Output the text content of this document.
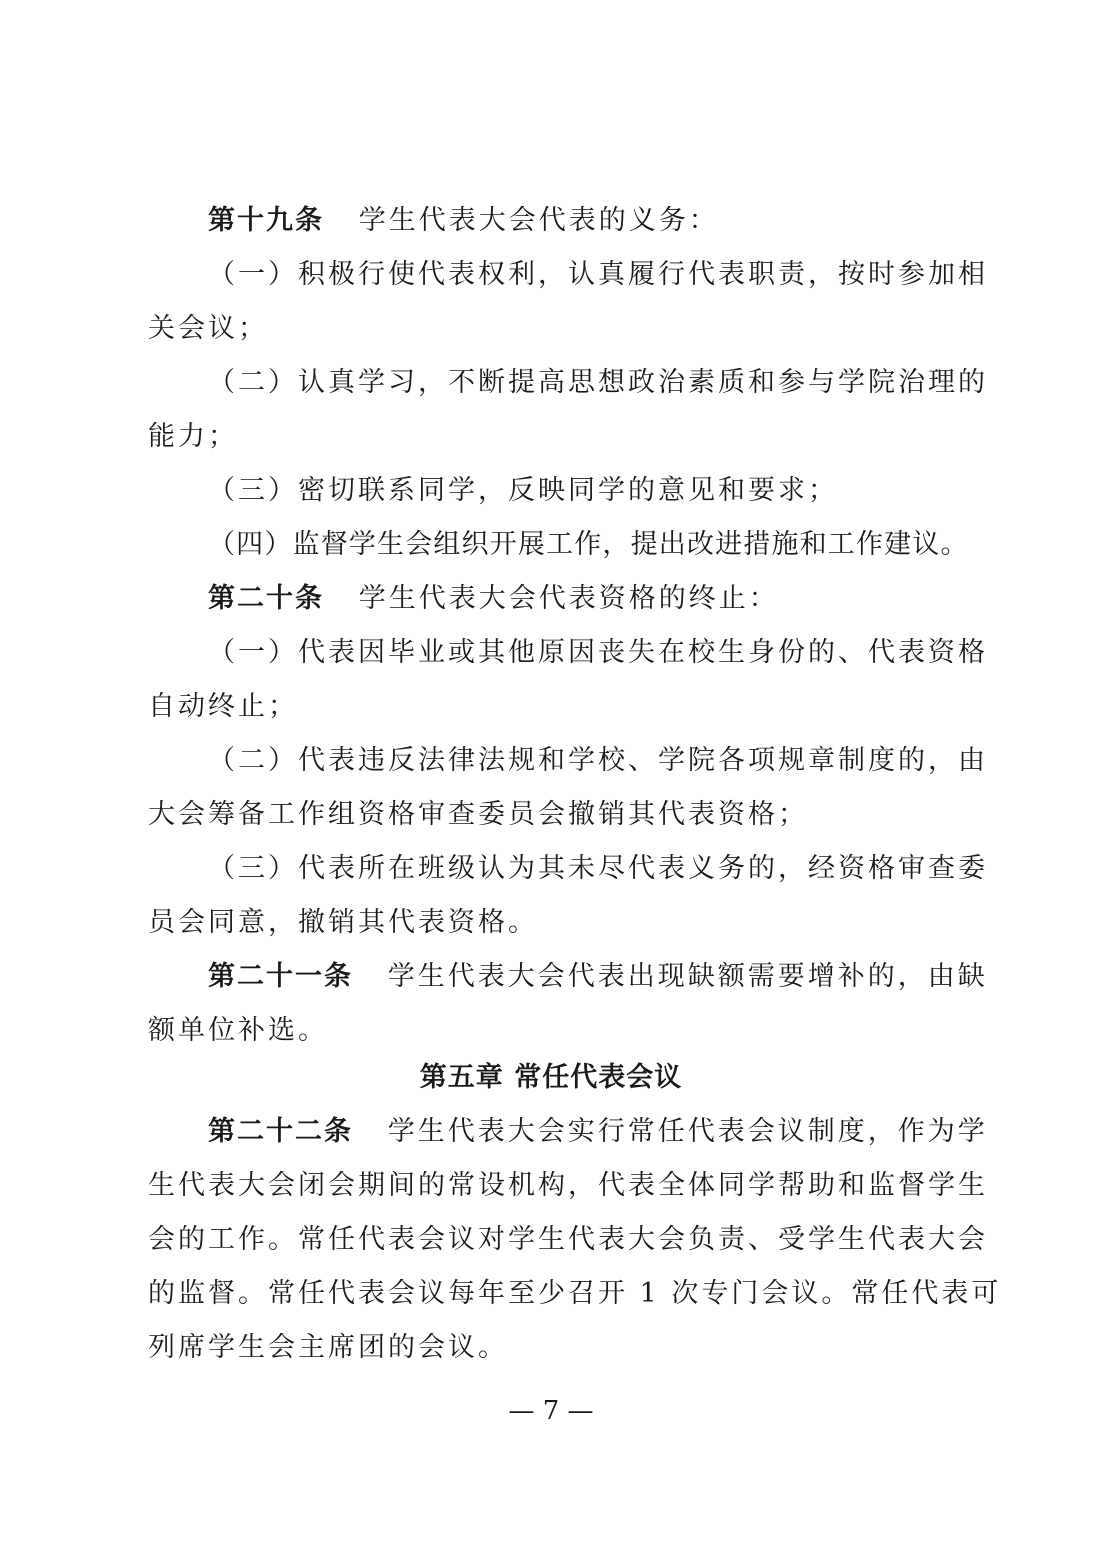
第十九条 学生代表大会代表的义务：
（一）积极行使代表权利，认真履行代表职责，按时参加相
关会议；
（二）认真学习，不断提高思想政治素质和参与学院治理的
能力；
（三）密切联系同学，反映同学的意见和要求；
（四）监督学生会组织开展工作，提出改进措施和工作建议。
第二十条 学生代表大会代表资格的终止：
（一）代表因毕业或其他原因丧失在校生身份的、代表资格
自动终止；
（二）代表违反法律法规和学校、学院各项规章制度的，由
大会筹备工作组资格审查委员会撤销其代表资格；
（三）代表所在班级认为其未尽代表义务的，经资格审查委
员会同意，撤销其代表资格。
第二十一条 学生代表大会代表出现缺额需要增补的，由缺
额单位补选。
第五章 常任代表会议
第二十二条 学生代表大会实行常任代表会议制度，作为学
生代表大会闭会期间的常设机构，代表全体同学帮助和监督学生
会的工作。常任代表会议对学生代表大会负责、受学生代表大会
的监督。常任代表会议每年至少召开 1 次专门会议。常任代表可
列席学生会主席团的会议。
— 7 —
